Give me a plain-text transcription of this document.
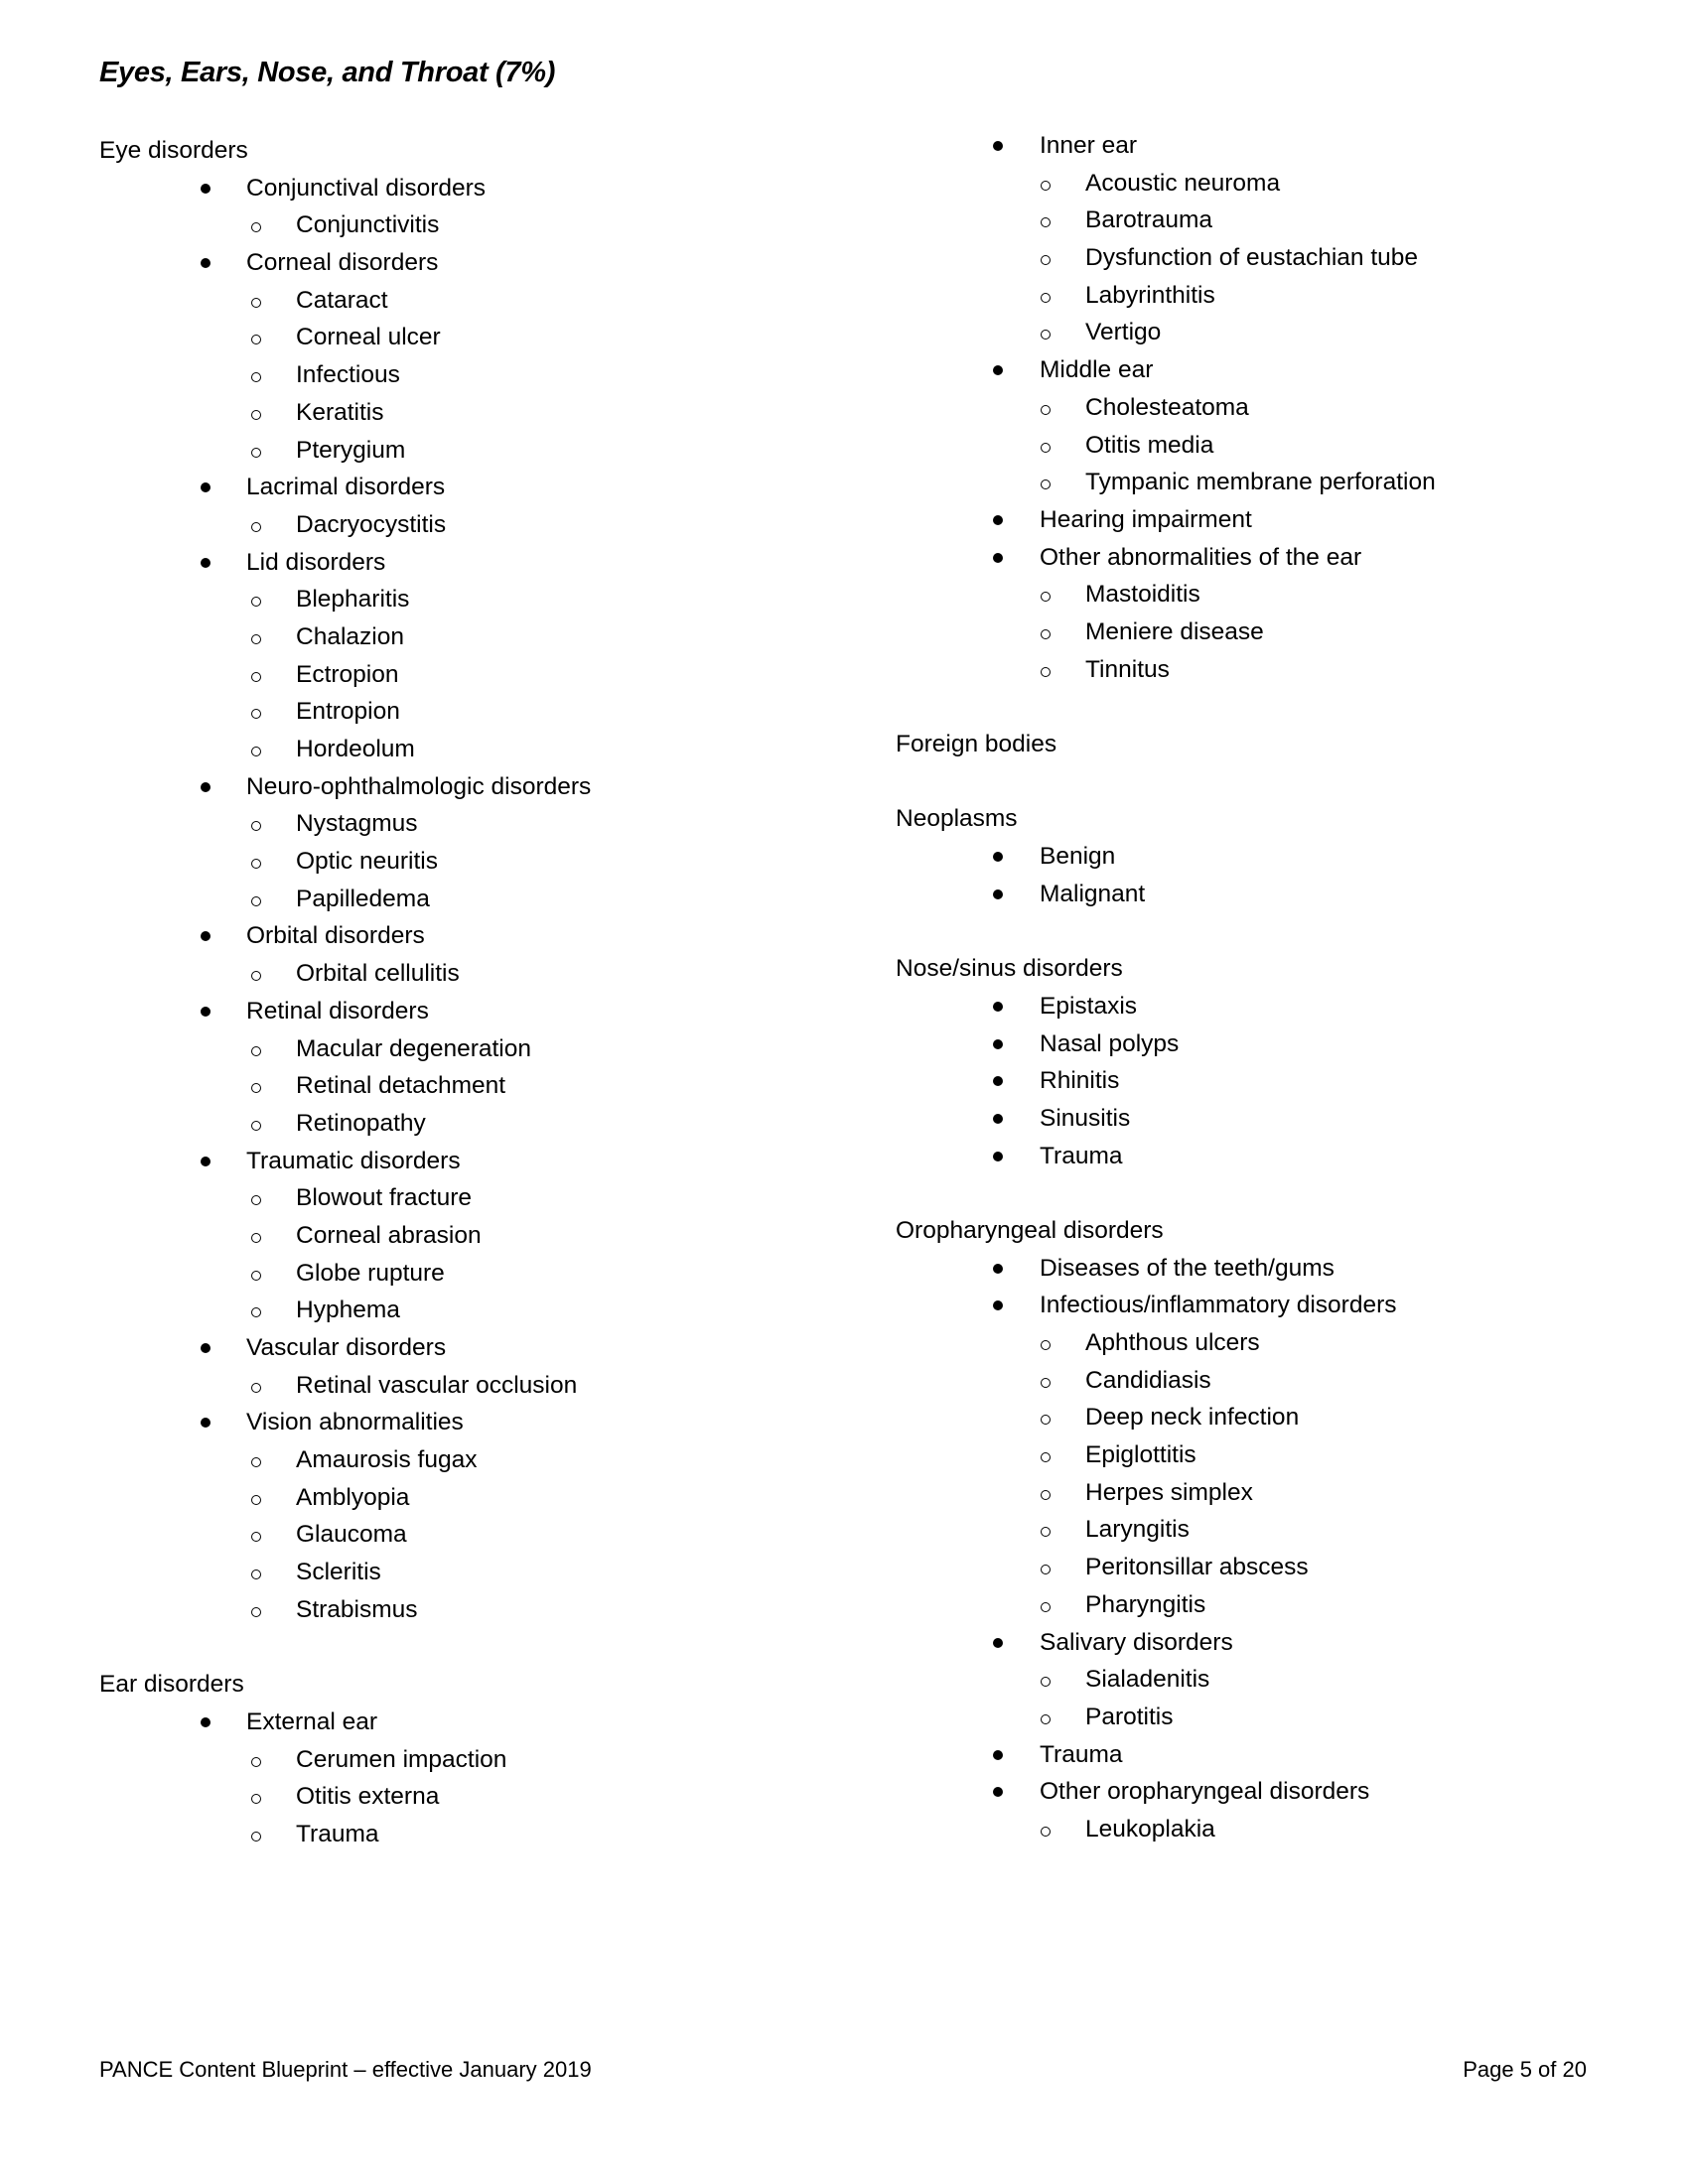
Eyes, Ears, Nose, and Throat (7%)
Eye disorders
Conjunctival disorders
Conjunctivitis
Corneal disorders
Cataract
Corneal ulcer
Infectious
Keratitis
Pterygium
Lacrimal disorders
Dacryocystitis
Lid disorders
Blepharitis
Chalazion
Ectropion
Entropion
Hordeolum
Neuro-ophthalmologic disorders
Nystagmus
Optic neuritis
Papilledema
Orbital disorders
Orbital cellulitis
Retinal disorders
Macular degeneration
Retinal detachment
Retinopathy
Traumatic disorders
Blowout fracture
Corneal abrasion
Globe rupture
Hyphema
Vascular disorders
Retinal vascular occlusion
Vision abnormalities
Amaurosis fugax
Amblyopia
Glaucoma
Scleritis
Strabismus
Ear disorders
External ear
Cerumen impaction
Otitis externa
Trauma
Inner ear
Acoustic neuroma
Barotrauma
Dysfunction of eustachian tube
Labyrinthitis
Vertigo
Middle ear
Cholesteatoma
Otitis media
Tympanic membrane perforation
Hearing impairment
Other abnormalities of the ear
Mastoiditis
Meniere disease
Tinnitus
Foreign bodies
Neoplasms
Benign
Malignant
Nose/sinus disorders
Epistaxis
Nasal polyps
Rhinitis
Sinusitis
Trauma
Oropharyngeal disorders
Diseases of the teeth/gums
Infectious/inflammatory disorders
Aphthous ulcers
Candidiasis
Deep neck infection
Epiglottitis
Herpes simplex
Laryngitis
Peritonsillar abscess
Pharyngitis
Salivary disorders
Sialadenitis
Parotitis
Trauma
Other oropharyngeal disorders
Leukoplakia
PANCE Content Blueprint – effective January 2019	Page 5 of 20
